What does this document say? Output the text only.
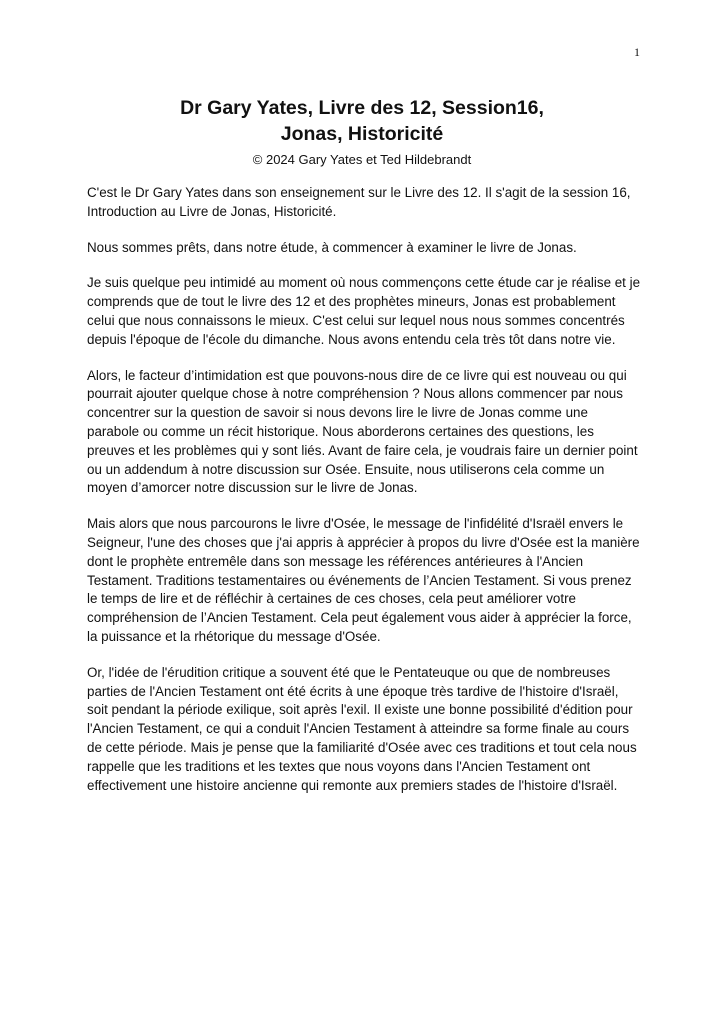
1
Dr Gary Yates, Livre des 12, Session16,
Jonas, Historicité

© 2024 Gary Yates et Ted Hildebrandt

C'est le Dr Gary Yates dans son enseignement sur le Livre des 12. Il s'agit de la session 16, Introduction au Livre de Jonas, Historicité.

Nous sommes prêts, dans notre étude, à commencer à examiner le livre de Jonas.

Je suis quelque peu intimidé au moment où nous commençons cette étude car je réalise et je comprends que de tout le livre des 12 et des prophètes mineurs, Jonas est probablement celui que nous connaissons le mieux. C'est celui sur lequel nous nous sommes concentrés depuis l'époque de l'école du dimanche. Nous avons entendu cela très tôt dans notre vie.

Alors, le facteur d’intimidation est que pouvons-nous dire de ce livre qui est nouveau ou qui pourrait ajouter quelque chose à notre compréhension ? Nous allons commencer par nous concentrer sur la question de savoir si nous devons lire le livre de Jonas comme une parabole ou comme un récit historique. Nous aborderons certaines des questions, les preuves et les problèmes qui y sont liés. Avant de faire cela, je voudrais faire un dernier point ou un addendum à notre discussion sur Osée. Ensuite, nous utiliserons cela comme un moyen d’amorcer notre discussion sur le livre de Jonas.

Mais alors que nous parcourons le livre d'Osée, le message de l'infidélité d'Israël envers le Seigneur, l'une des choses que j'ai appris à apprécier à propos du livre d'Osée est la manière dont le prophète entremêle dans son message les références antérieures à l'Ancien Testament. Traditions testamentaires ou événements de l’Ancien Testament. Si vous prenez le temps de lire et de réfléchir à certaines de ces choses, cela peut améliorer votre compréhension de l’Ancien Testament. Cela peut également vous aider à apprécier la force, la puissance et la rhétorique du message d'Osée.

Or, l'idée de l'érudition critique a souvent été que le Pentateuque ou que de nombreuses parties de l'Ancien Testament ont été écrits à une époque très tardive de l'histoire d'Israël, soit pendant la période exilique, soit après l'exil. Il existe une bonne possibilité d'édition pour l'Ancien Testament, ce qui a conduit l'Ancien Testament à atteindre sa forme finale au cours de cette période. Mais je pense que la familiarité d'Osée avec ces traditions et tout cela nous rappelle que les traditions et les textes que nous voyons dans l'Ancien Testament ont effectivement une histoire ancienne qui remonte aux premiers stades de l'histoire d'Israël.
